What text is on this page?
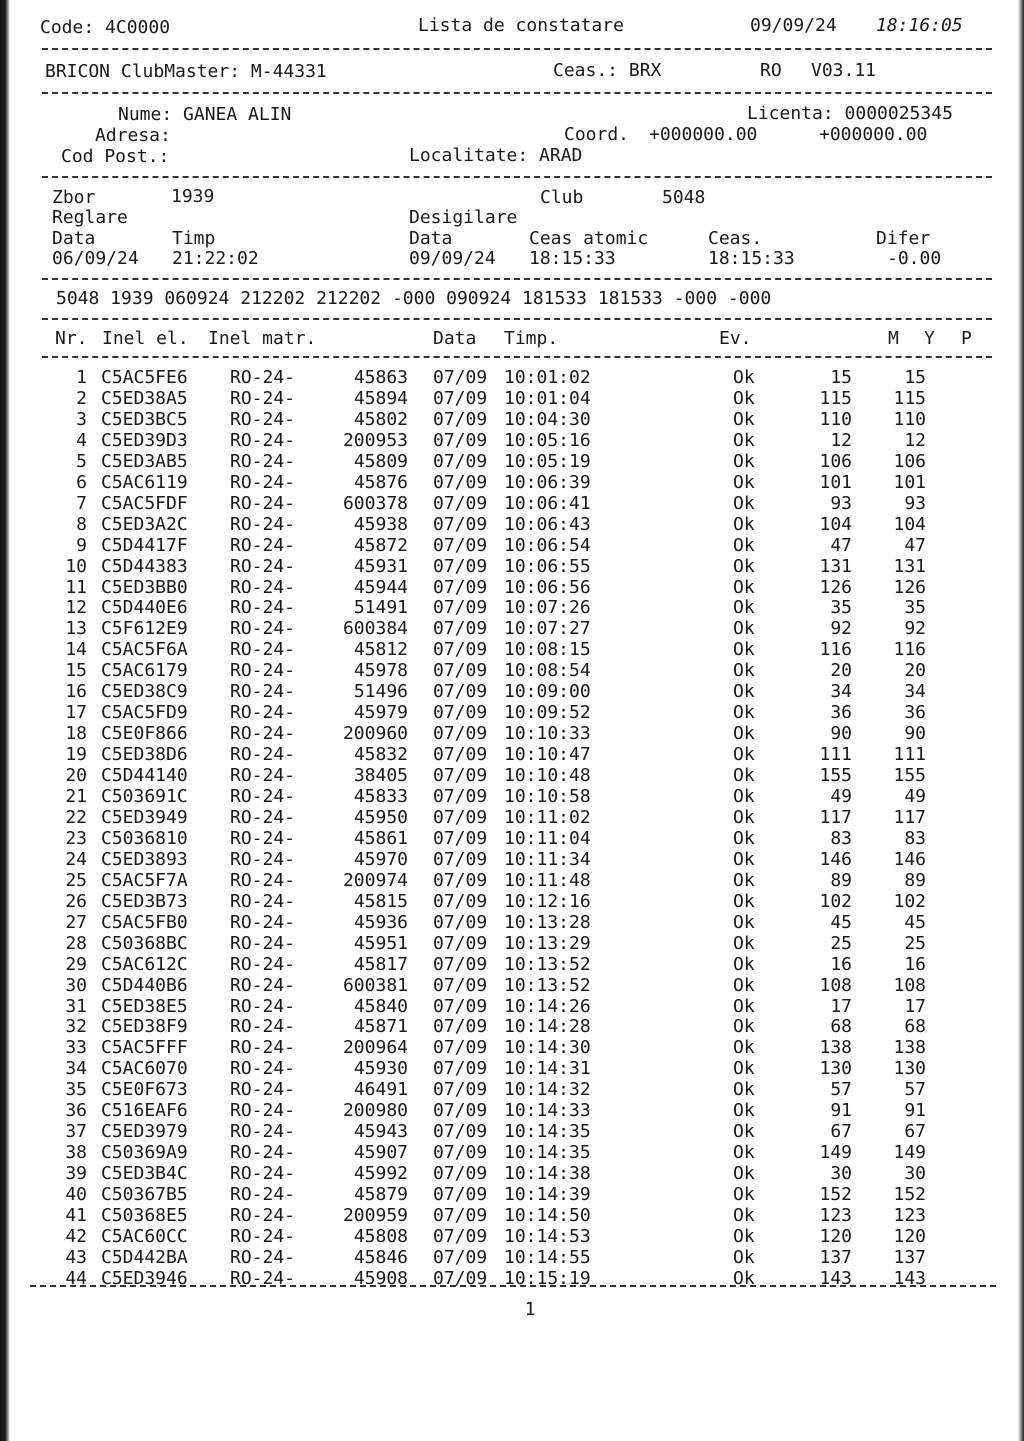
Code: 4C0000	Lista de constatare	09/09/24 18:16:05
BRICON ClubMaster: M-44331	Ceas.: BRX	RO V03.11
Nume: GANEA ALIN	Licenta: 0000025345
Adresa:	Coord. +000000.00	+000000.00
Cod Post.:	Localitate: ARAD
Zbor	1939	Club	5048
Reglare	Desigilare
Data	Timp	Data	Ceas atomic	Ceas.	Difer
06/09/24 21:22:02	09/09/24 18:15:33	18:15:33	-0.00
5048 1939 060924 212202 212202 -000 090924 181533 181533 -000 -000
Nr. Inel el. Inel matr.	Data Timp.	Ev.	M Y P
1 C5AC5FE6 RO-24-	45863 07/09 10:01:02	Ok	15	15
2 C5ED38A5 RO-24-	45894 07/09 10:01:04	Ok	115	115
3 C5ED3BC5 RO-24-	45802 07/09 10:04:30	Ok	110	110
4 C5ED39D3 RO-24-	200953 07/09 10:05:16	Ok	12	12
5 C5ED3AB5 RO-24-	45809 07/09 10:05:19	Ok	106	106
6 C5AC6119 RO-24-	45876 07/09 10:06:39	Ok	101	101
7 C5AC5FDF RO-24-	600378 07/09 10:06:41	Ok	93	93
8 C5ED3A2C RO-24-	45938 07/09 10:06:43	Ok	104	104
9 C5D4417F RO-24-	45872 07/09 10:06:54	Ok	47	47
10 C5D44383 RO-24-	45931 07/09 10:06:55	Ok	131	131
11 C5ED3BB0 RO-24-	45944 07/09 10:06:56	Ok	126	126
12 C5D440E6 RO-24-	51491 07/09 10:07:26	Ok	35	35
13 C5F612E9 RO-24-	600384 07/09 10:07:27	Ok	92	92
14 C5AC5F6A RO-24-	45812 07/09 10:08:15	Ok	116	116
15 C5AC6179 RO-24-	45978 07/09 10:08:54	Ok	20	20
16 C5ED38C9 RO-24-	51496 07/09 10:09:00	Ok	34	34
17 C5AC5FD9 RO-24-	45979 07/09 10:09:52	Ok	36	36
18 C5E0F866 RO-24-	200960 07/09 10:10:33	Ok	90	90
19 C5ED38D6 RO-24-	45832 07/09 10:10:47	Ok	111	111
20 C5D44140 RO-24-	38405 07/09 10:10:48	Ok	155	155
21 C503691C RO-24-	45833 07/09 10:10:58	Ok	49	49
22 C5ED3949 RO-24-	45950 07/09 10:11:02	Ok	117	117
23 C5036810 RO-24-	45861 07/09 10:11:04	Ok	83	83
24 C5ED3893 RO-24-	45970 07/09 10:11:34	Ok	146	146
25 C5AC5F7A RO-24-	200974 07/09 10:11:48	Ok	89	89
26 C5ED3B73 RO-24-	45815 07/09 10:12:16	Ok	102	102
27 C5AC5FB0 RO-24-	45936 07/09 10:13:28	Ok	45	45
28 C50368BC RO-24-	45951 07/09 10:13:29	Ok	25	25
29 C5AC612C RO-24-	45817 07/09 10:13:52	Ok	16	16
30 C5D440B6 RO-24-	600381 07/09 10:13:52	Ok	108	108
31 C5ED38E5 RO-24-	45840 07/09 10:14:26	Ok	17	17
32 C5ED38F9 RO-24-	45871 07/09 10:14:28	Ok	68	68
33 C5AC5FFF RO-24-	200964 07/09 10:14:30	Ok	138	138
34 C5AC6070 RO-24-	45930 07/09 10:14:31	Ok	130	130
35 C5E0F673 RO-24-	46491 07/09 10:14:32	Ok	57	57
36 C516EAF6 RO-24-	200980 07/09 10:14:33	Ok	91	91
37 C5ED3979 RO-24-	45943 07/09 10:14:35	Ok	67	67
38 C50369A9 RO-24-	45907 07/09 10:14:35	Ok	149	149
39 C5ED3B4C RO-24-	45992 07/09 10:14:38	Ok	30	30
40 C50367B5 RO-24-	45879 07/09 10:14:39	Ok	152	152
41 C50368E5 RO-24-	200959 07/09 10:14:50	Ok	123	123
42 C5AC60CC RO-24-	45808 07/09 10:14:53	Ok	120	120
43 C5D442BA RO-24-	45846 07/09 10:14:55	Ok	137	137
44 C5ED3946 RO-24-	45908 07/09 10:15:19	Ok	143	143
1
